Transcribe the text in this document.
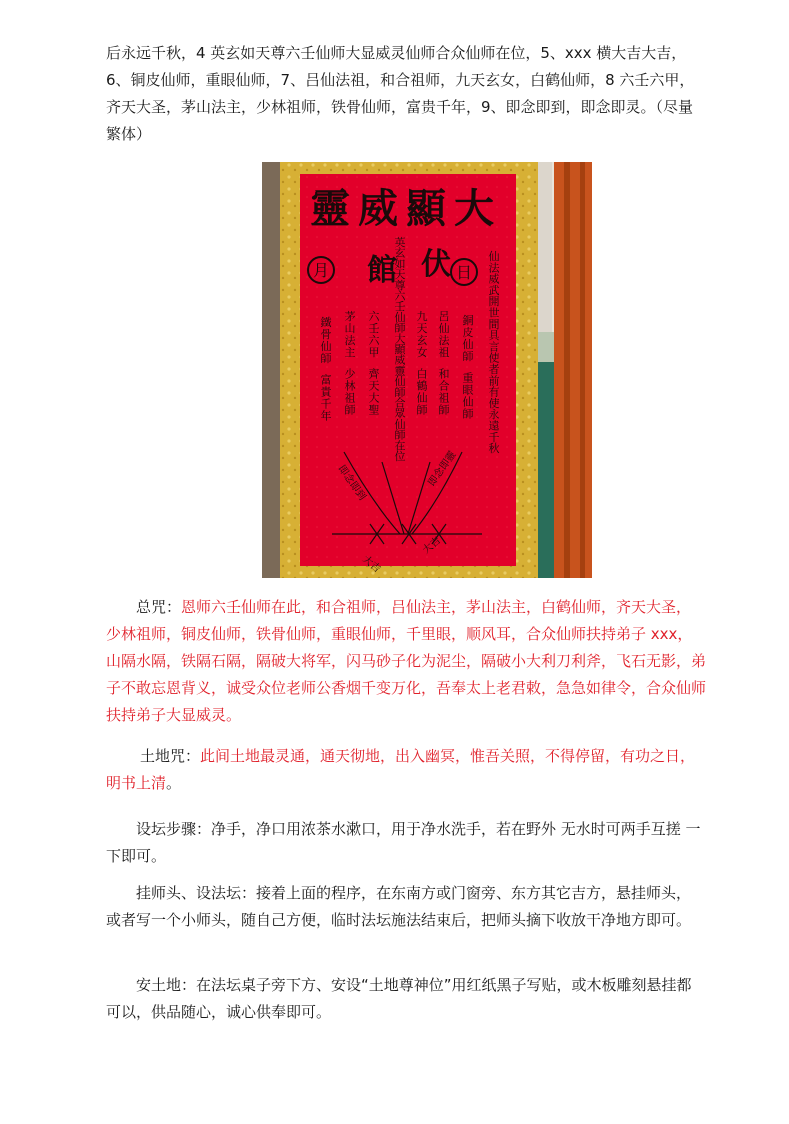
后永远千秋，4 英玄如天尊六壬仙师大显威灵仙师合众仙师在位，5、xxx 横大吉大吉，6、铜皮仙师，重眼仙师，7、吕仙法祖，和合祖师，九天玄女，白鹤仙师，8 六壬六甲，齐天大圣，茅山法主，少林祖师，铁骨仙师，富贵千年，9、即念即到，即念即灵。（尽量繁体）

大
顯
威
靈
館 伏
月	日
仙
法
威
武
開
世
間
具
言
使
者
前
有
使
永
遠
千
秋
銅
皮
仙
師
重
眼
仙
師
呂
仙
法
祖
和
合
祖
師
九
天
玄
女
白
鶴
仙
師
英
玄
如
天
尊
六
壬
仙
師
大
顯
威
靈
仙
師
合
眾
仙
師
在
位
六
壬
六
甲
齊
天
大
聖
茅
山
法
主
少
林
祖
師
鐵
骨
仙
師
富
貴
千
年
即念即到	即念即靈
大吉
大吉

总咒：恩师六壬仙师在此，和合祖师，吕仙法主，茅山法主，白鹤仙师，齐天大圣，少林祖师，铜皮仙师，铁骨仙师，重眼仙师，千里眼，顺风耳，合众仙师扶持弟子 xxx，山隔水隔，铁隔石隔，隔破大将军，闪马砂子化为泥尘，隔破小大利刀利斧，飞石无影，弟子不敢忘恩背义，诚受众位老师公香烟千变万化，吾奉太上老君敕，急急如律令，合众仙师扶持弟子大显威灵。

土地咒：此间土地最灵通，通天彻地，出入幽冥，惟吾关照，不得停留，有功之日，明书上清。

设坛步骤：净手，净口用浓茶水漱口，用于净水洗手，若在野外 无水时可两手互搓 一 下即可。

挂师头、设法坛：接着上面的程序，在东南方或门窗旁、东方其它吉方，悬挂师头，或者写一个小师头，随自己方便，临时法坛施法结束后，把师头摘下收放干净地方即可。

安土地：在法坛桌子旁下方、安设“土地尊神位”用红纸黑子写贴，或木板雕刻悬挂都可以，供品随心，诚心供奉即可。
